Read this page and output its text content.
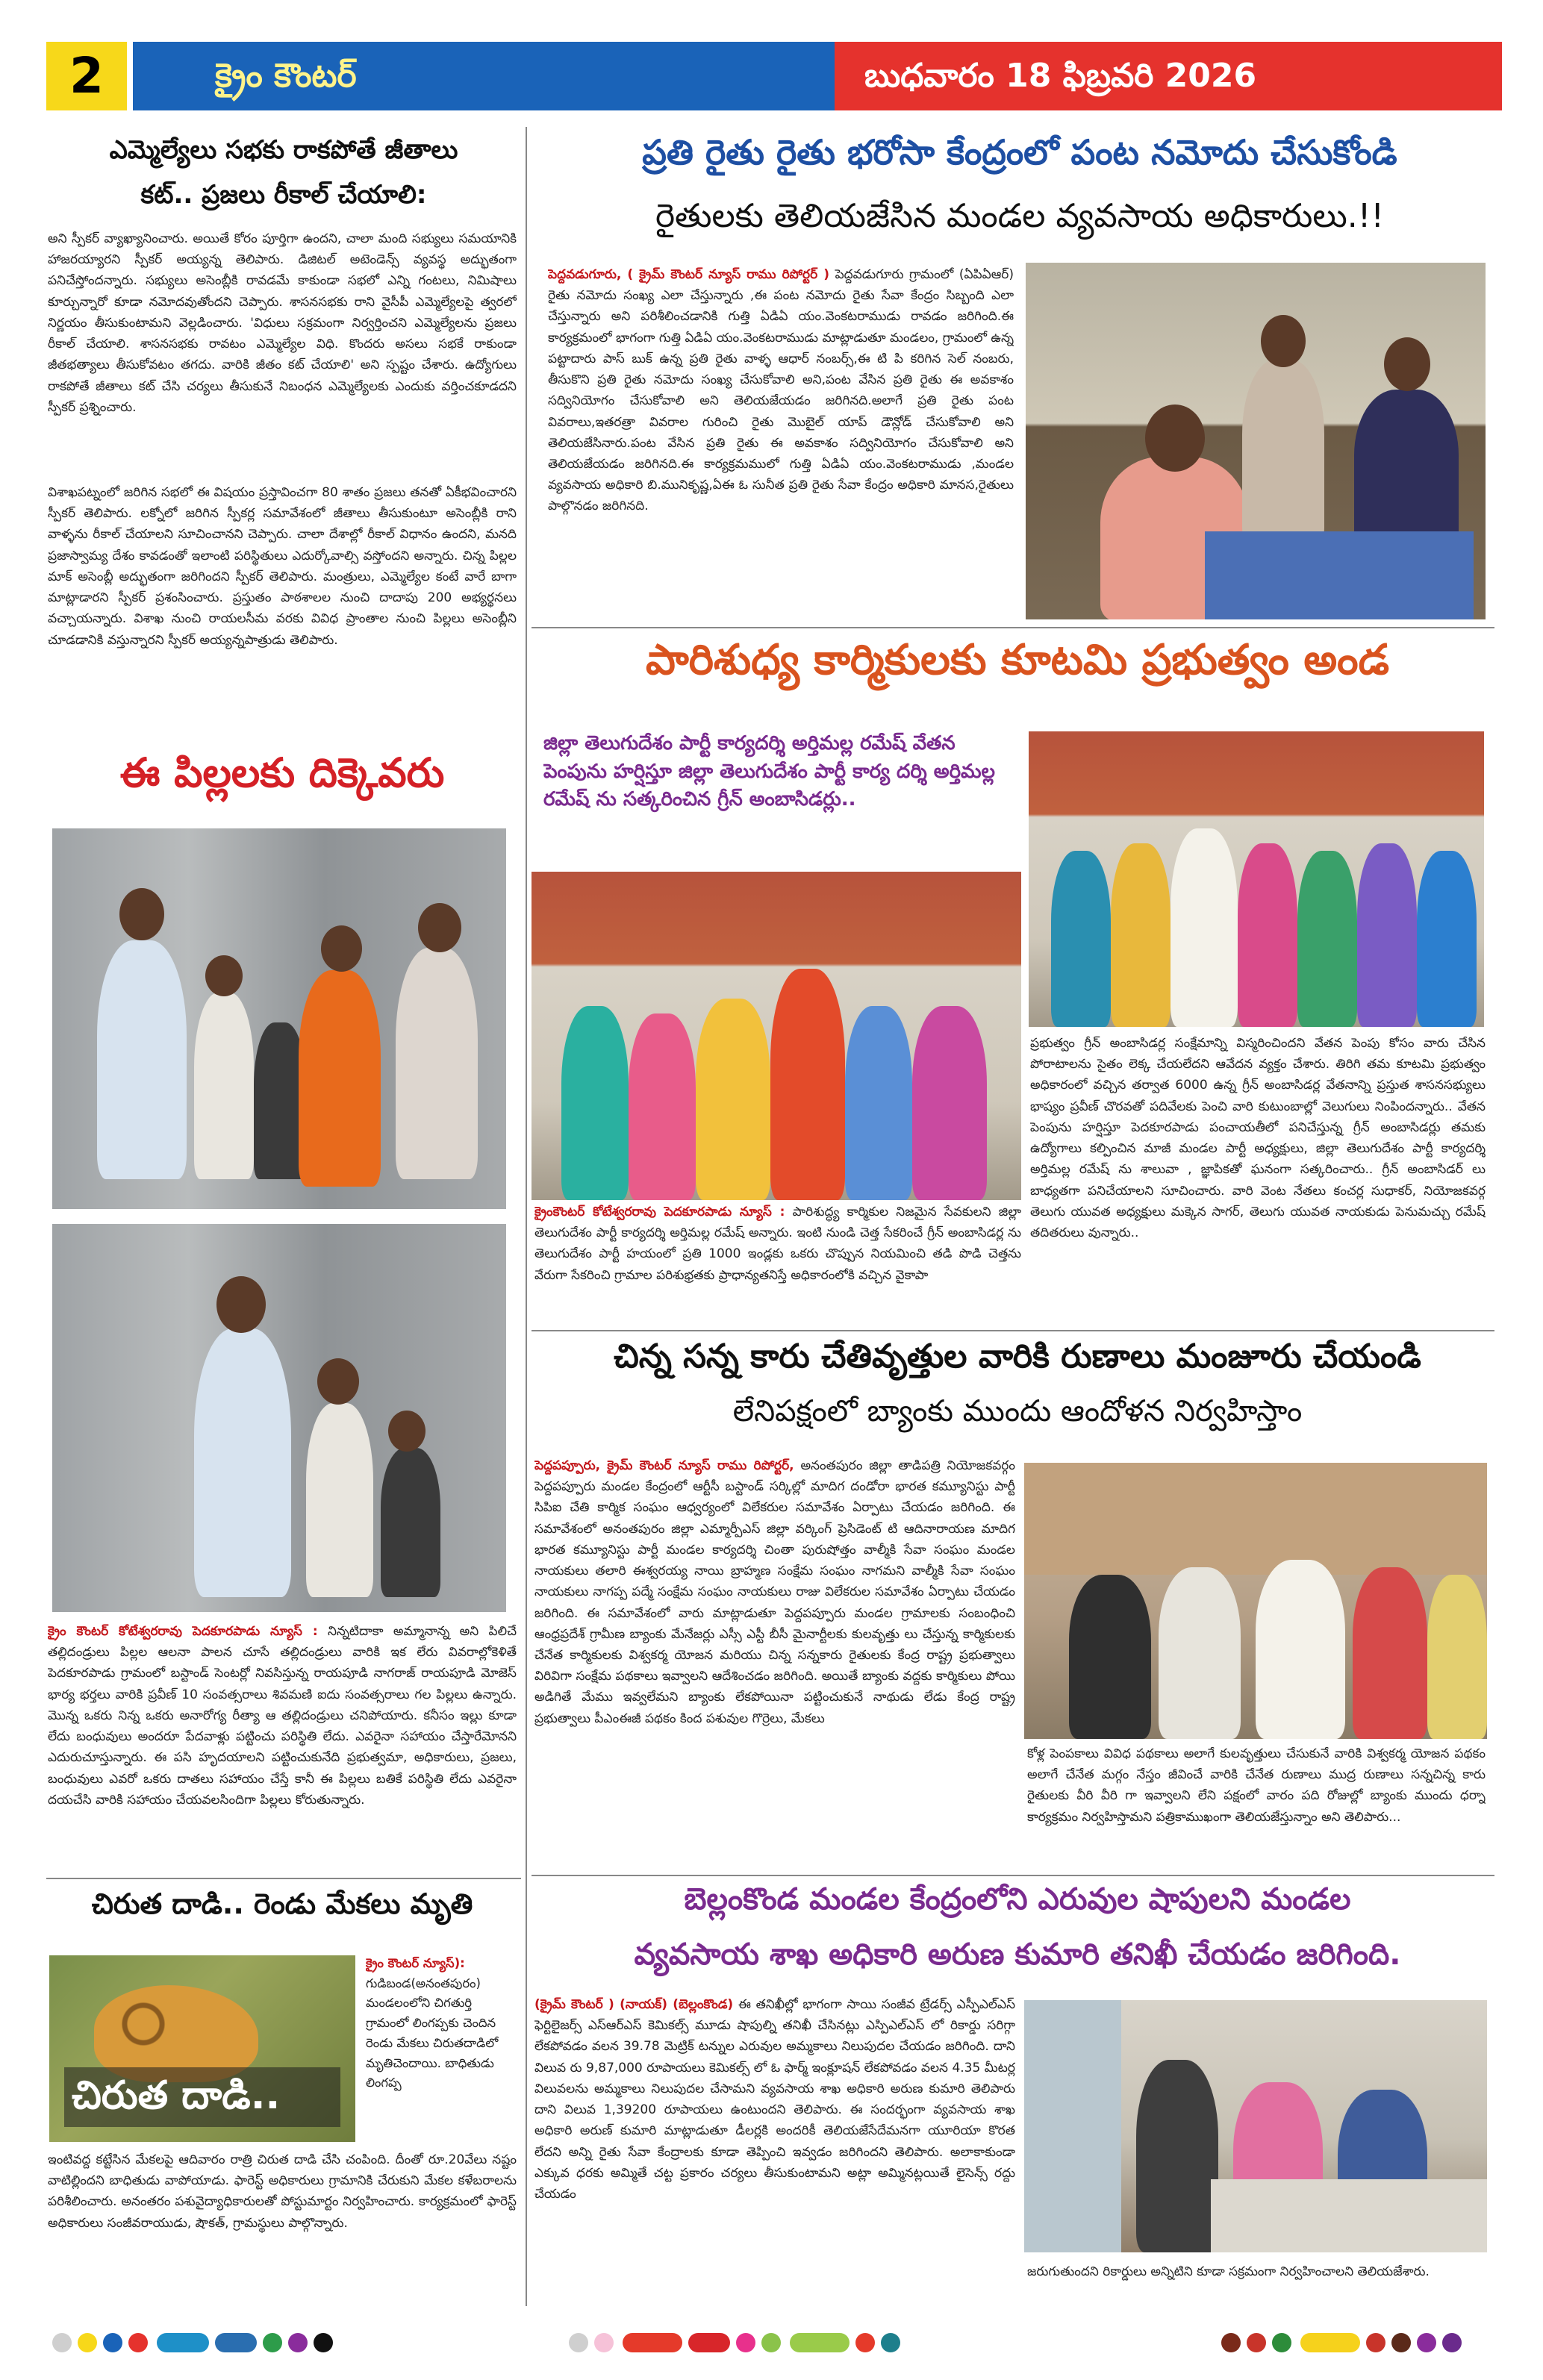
2	క్రైం కౌంటర్	బుధవారం 18 ఫిబ్రవరి 2026
ఎమ్మెల్యేలు సభకు రాకపోతే జీతాలు
కట్.. ప్రజలు రీకాల్ చేయాలి:
అని స్పీకర్ వ్యాఖ్యానించారు. అయితే కోరం పూర్తిగా ఉందని, చాలా మంది సభ్యులు సమయానికి హాజరయ్యారని స్పీకర్ అయ్యన్న తెలిపారు. డిజిటల్ అటెండెన్స్ వ్యవస్థ అద్భుతంగా పనిచేస్తోందన్నారు. సభ్యులు అసెంబ్లీకి రావడమే కాకుండా సభలో ఎన్ని గంటలు, నిమిషాలు కూర్చున్నారో కూడా నమోదవుతోందని చెప్పారు. శాసనసభకు రాని వైసీపీ ఎమ్మెల్యేలపై త్వరలో నిర్ణయం తీసుకుంటామని వెల్లడించారు. 'విధులు సక్రమంగా నిర్వర్తించని ఎమ్మెల్యేలను ప్రజలు రీకాల్ చేయాలి. శాసనసభకు రావటం ఎమ్మెల్యేల విధి. కొందరు అసలు సభకే రాకుండా జీతభత్యాలు తీసుకోవటం తగదు. వారికి జీతం కట్ చేయాలి' అని స్పష్టం చేశారు. ఉద్యోగులు రాకపోతే జీతాలు కట్ చేసి చర్యలు తీసుకునే నిబంధన ఎమ్మెల్యేలకు ఎందుకు వర్తించకూడదని స్పీకర్ ప్రశ్నించారు.
విశాఖపట్నంలో జరిగిన సభలో ఈ విషయం ప్రస్తావించగా 80 శాతం ప్రజలు తనతో ఏకీభవించారని స్పీకర్ తెలిపారు. లక్నోలో జరిగిన స్పీకర్ల సమావేశంలో జీతాలు తీసుకుంటూ అసెంబ్లీకి రాని వాళ్ళను రీకాల్ చేయాలని సూచించానని చెప్పారు. చాలా దేశాల్లో రీకాల్ విధానం ఉందని, మనది ప్రజాస్వామ్య దేశం కావడంతో ఇలాంటి పరిస్థితులు ఎదుర్కోవాల్సి వస్తోందని అన్నారు. చిన్న పిల్లల మాక్ అసెంబ్లీ అద్భుతంగా జరిగిందని స్పీకర్ తెలిపారు. మంత్రులు, ఎమ్మెల్యేల కంటే వారే బాగా మాట్లాడారని స్పీకర్ ప్రశంసించారు. ప్రస్తుతం పాఠశాలల నుంచి దాదాపు 200 అభ్యర్థనలు వచ్చాయన్నారు. విశాఖ నుంచి రాయలసీమ వరకు వివిధ ప్రాంతాల నుంచి పిల్లలు అసెంబ్లీని చూడడానికి వస్తున్నారని స్పీకర్ అయ్యన్నపాత్రుడు తెలిపారు.
ఈ పిల్లలకు దిక్కెవరు
క్రైం కౌంటర్ కోటేశ్వరరావు పెదకూరపాడు న్యూస్ : నిన్నటిదాకా అమ్మానాన్న అని పిలిచే తల్లిదండ్రులు పిల్లల ఆలనా పాలన చూసే తల్లిదండ్రులు వారికి ఇక లేరు వివరాల్లోకెళితే పెదకూరపాడు గ్రామంలో బస్టాండ్ సెంటర్లో నివసిస్తున్న రాయపూడి నాగరాజ్ రాయపూడి మోజెస్ భార్య భర్తలు వారికి ప్రవీణ్ 10 సంవత్సరాలు శివమణి ఐదు సంవత్సరాలు గల పిల్లలు ఉన్నారు. మొన్న ఒకరు నిన్న ఒకరు అనారోగ్య రీత్యా ఆ తల్లిదండ్రులు చనిపోయారు. కనీసం ఇల్లు కూడా లేదు బంధువులు అందరూ పేదవాళ్లు పట్టించు పరిస్థితి లేదు. ఎవరైనా సహాయం చేస్తారేమోనని ఎదురుచూస్తున్నారు. ఈ పసి హృదయాలని పట్టించుకునేది ప్రభుత్వమా, అధికారులు, ప్రజలు, బంధువులు ఎవరో ఒకరు దాతలు సహాయం చేస్తే కానీ ఈ పిల్లలు బతికే పరిస్థితి లేదు ఎవరైనా దయచేసి వారికి సహాయం చేయవలసిందిగా పిల్లలు కోరుతున్నారు.
చిరుత దాడి.. రెండు మేకలు మృతి
చిరుత దాడి..
క్రైం కౌంటర్ న్యూస్): గుడిబండ(అనంతపురం) మండలంలోని చిగతుర్తి గ్రామంలో లింగప్పకు చెందిన రెండు మేకలు చిరుతదాడిలో మృతిచెందాయి. బాధితుడు లింగప్ప
ఇంటివద్ద కట్టేసిన మేకలపై ఆదివారం రాత్రి చిరుత దాడి చేసి చంపింది. దీంతో రూ.20వేలు నష్టం వాటిల్లిందని బాధితుడు వాపోయాడు. ఫారెస్ట్ అధికారులు గ్రామానికి చేరుకుని మేకల కళేబరాలను పరిశీలించారు. అనంతరం పశువైద్యాధికారులతో పోస్టుమార్టం నిర్వహించారు. కార్యక్రమంలో ఫారెస్ట్ అధికారులు సంజీవరాయుడు, షౌకత్, గ్రామస్థులు పాల్గొన్నారు.
ప్రతి రైతు రైతు భరోసా కేంద్రంలో పంట నమోదు చేసుకోండి
రైతులకు తెలియజేసిన మండల వ్యవసాయ అధికారులు.!!
పెద్దవడుగూరు, ( క్రైమ్ కౌంటర్ న్యూస్ రాము రిపోర్టర్ ) పెద్దవడుగూరు గ్రామంలో (ఏపిఏఆర్) రైతు నమోదు సంఖ్య ఎలా చేస్తున్నారు ,ఈ పంట నమోదు రైతు సేవా కేంద్రం సిబ్బంది ఎలా చేస్తున్నారు అని పరిశీలించడానికి గుత్తి ఏడిఏ యం.వెంకటరాముడు రావడం జరిగింది.ఈ కార్యక్రమంలో భాగంగా గుత్తి ఏడిఏ యం.వెంకటరాముడు మాట్లాడుతూ మండలం, గ్రామంలో ఉన్న పట్టాదారు పాస్ బుక్ ఉన్న ప్రతి రైతు వాళ్ళ ఆధార్ నంబర్స్,ఈ టి పి కరిగిన సెల్ నంబరు, తీసుకొని ప్రతి రైతు నమోదు సంఖ్య చేసుకోవాలి అని,పంట వేసిన ప్రతి రైతు ఈ అవకాశం సద్వినియోగం చేసుకోవాలి అని తెలియజేయడం జరిగినది.అలాగే ప్రతి రైతు పంట వివరాలు,ఇతరత్రా వివరాల గురించి రైతు మొబైల్ యాప్ డౌన్లోడ్ చేసుకోవాలి అని తెలియజేసినారు.పంట వేసిన ప్రతి రైతు ఈ అవకాశం సద్వినియోగం చేసుకోవాలి అని తెలియజేయడం జరిగినది.ఈ కార్యక్రమములో గుత్తి ఏడిఏ యం.వెంకటరాముడు ,మండల వ్యవసాయ అధికారి బి.మునికృష్ణ,ఏఈ ఓ సునీత ప్రతి రైతు సేవా కేంద్రం అధికారి మానస,రైతులు పాల్గొనడం జరిగినది.
పారిశుధ్య కార్మికులకు కూటమి ప్రభుత్వం అండ
జిల్లా తెలుగుదేశం పార్టీ కార్యదర్శి అర్తిమల్ల రమేష్ వేతన పెంపును హర్షిస్తూ జిల్లా తెలుగుదేశం పార్టీ కార్య దర్శి అర్తిమల్ల రమేష్ ను సత్కరించిన గ్రీన్ అంబాసిడర్లు..
క్రైంకౌంటర్ కోటేశ్వరరావు పెదకూరపాడు న్యూస్ : పారిశుద్ధ్య కార్మికుల నిజమైన సేవకులని జిల్లా తెలుగుదేశం పార్టీ కార్యదర్శి అర్తిమల్ల రమేష్ అన్నారు. ఇంటి నుండి చెత్త సేకరించే గ్రీన్ అంబాసిడర్ల ను తెలుగుదేశం పార్టీ హయంలో ప్రతి 1000 ఇండ్లకు ఒకరు చొప్పున నియమించి తడి పొడి చెత్తను వేరుగా సేకరించి గ్రామాల పరిశుభ్రతకు ప్రాధాన్యతనిస్తే అధికారంలోకి వచ్చిన వైకాపా
ప్రభుత్వం గ్రీన్ అంబాసిడర్ల సంక్షేమాన్ని విస్మరించిందని వేతన పెంపు కోసం వారు చేసిన పోరాటాలను సైతం లెక్క చేయలేదని ఆవేదన వ్యక్తం చేశారు. తిరిగి తమ కూటమి ప్రభుత్వం అధికారంలో వచ్చిన తర్వాత 6000 ఉన్న గ్రీన్ అంబాసిడర్ల వేతనాన్ని ప్రస్తుత శాసనసభ్యులు భాష్యం ప్రవీణ్ చొరవతో పదివేలకు పెంచి వారి కుటుంబాల్లో వెలుగులు నింపిందన్నారు.. వేతన పెంపును హర్షిస్తూ పెదకూరపాడు పంచాయతీలో పనిచేస్తున్న గ్రీన్ అంబాసిడర్లు తమకు ఉద్యోగాలు కల్పించిన మాజీ మండల పార్టీ అధ్యక్షులు, జిల్లా తెలుగుదేశం పార్టీ కార్యదర్శి అర్తిమల్ల రమేష్ ను శాలువా , జ్ఞాపికతో ఘనంగా సత్కరించారు.. గ్రీన్ అంబాసిడర్ లు బాధ్యతగా పనిచేయాలని సూచించారు. వారి వెంట నేతలు కంచర్ల సుధాకర్, నియోజకవర్గ తెలుగు యువత అధ్యక్షులు మక్కెన సాగర్, తెలుగు యువత నాయకుడు పెనుమచ్చు రమేష్ తదితరులు వున్నారు..
చిన్న సన్న కారు చేతివృత్తుల వారికి రుణాలు మంజూరు చేయండి
లేనిపక్షంలో బ్యాంకు ముందు ఆందోళన నిర్వహిస్తాం
పెద్దపప్పూరు, క్రైమ్ కౌంటర్ న్యూస్ రాము రిపోర్టర్, అనంతపురం జిల్లా తాడిపత్రి నియోజకవర్గం పెద్దపప్పూరు మండల కేంద్రంలో ఆర్టీసీ బస్టాండ్ సర్కిల్లో మాదిగ దండోరా భారత కమ్యూనిస్టు పార్టీ సిపిఐ చేతి కార్మిక సంఘం ఆధ్వర్యంలో విలేకరుల సమావేశం ఏర్పాటు చేయడం జరిగింది. ఈ సమావేశంలో అనంతపురం జిల్లా ఎమ్మార్పీఎస్ జిల్లా వర్కింగ్ ప్రెసిడెంట్ టి ఆదినారాయణ మాదిగ భారత కమ్యూనిస్టు పార్టీ మండల కార్యదర్శి చింతా పురుషోత్తం వాల్మీకి సేవా సంఘం మండల నాయకులు తలారి ఈశ్వరయ్య నాయి బ్రాహ్మణ సంక్షేమ సంఘం నాగమని వాల్మీకి సేవా సంఘం నాయకులు నాగప్ప పద్మే సంక్షేమ సంఘం నాయకులు రాజు విలేకరుల సమావేశం ఏర్పాటు చేయడం జరిగింది. ఈ సమావేశంలో వారు మాట్లాడుతూ పెద్దపప్పూరు మండల గ్రామాలకు సంబంధించి ఆంధ్రప్రదేశ్ గ్రామీణ బ్యాంకు మేనేజర్లు ఎస్సీ ఎస్టీ బీసీ మైనార్టీలకు కులవృత్తు లు చేస్తున్న కార్మికులకు చేనేత కార్మికులకు విశ్వకర్మ యోజన మరియు చిన్న సన్నకారు రైతులకు కేంద్ర రాష్ట్ర ప్రభుత్వాలు విరివిగా సంక్షేమ పథకాలు ఇవ్వాలని ఆదేశించడం జరిగింది. అయితే బ్యాంకు వద్దకు కార్మికులు పోయి అడిగితే మేము ఇవ్వలేమని బ్యాంకు లేకపోయినా పట్టించుకునే నాథుడు లేడు కేంద్ర రాష్ట్ర ప్రభుత్వాలు పీఎంఈజీ పథకం కింద పశువుల గొర్రెలు, మేకలు
కోళ్ల పెంపకాలు వివిధ పథకాలు అలాగే కులవృత్తులు చేసుకునే వారికి విశ్వకర్మ యోజన పథకం అలాగే చేనేత మగ్గం నేస్తం జీవించే వారికి చేనేత రుణాలు ముద్ర రుణాలు సన్నచిన్న కారు రైతులకు వీరి వీరి గా ఇవ్వాలని లేని పక్షంలో వారం పది రోజుల్లో బ్యాంకు ముందు ధర్నా కార్యక్రమం నిర్వహిస్తామని పత్రికాముఖంగా తెలియజేస్తున్నాం అని తెలిపారు...
బెల్లంకొండ మండల కేంద్రంలోని ఎరువుల షాపులని మండల
వ్యవసాయ శాఖ అధికారి అరుణ కుమారి తనిఖీ చేయడం జరిగింది.
(క్రైమ్ కౌంటర్ ) (నాయక్) (బెల్లంకొండ) ఈ తనిఖీల్లో భాగంగా సాయి సంజీవ ట్రేడర్స్ ఎస్పీఎల్ఎస్ ఫెర్టిలైజర్స్ ఎస్ఆర్ఎస్ కెమికల్స్ మూడు షాపుల్ని తనిఖీ చేసినట్లు ఎస్పిఎల్ఎస్ లో రికార్డు సరిగ్గా లేకపోవడం వలన 39.78 మెట్రిక్ టన్నుల ఎరువుల అమ్మకాలు నిలుపుదల చేయడం జరిగింది. దాని విలువ రు 9,87,000 రూపాయలు కెమికల్స్ లో ఓ ఫార్మ్ ఇంక్లూషన్ లేకపోవడం వలన 4.35 మీటర్ల విలువలను అమ్మకాలు నిలుపుదల చేసామని వ్యవసాయ శాఖ అధికారి అరుణ కుమారి తెలిపారు దాని విలువ 1,39200 రూపాయలు ఉంటుందని తెలిపారు. ఈ సందర్భంగా వ్యవసాయ శాఖ అధికారి అరుణ్ కుమారి మాట్లాడుతూ డీలర్లకి అందరికీ తెలియజేసేదేమనగా యూరియా కొరత లేదని అన్ని రైతు సేవా కేంద్రాలకు కూడా తెప్పించి ఇవ్వడం జరిగిందని తెలిపారు. అలాకాకుండా ఎక్కువ ధరకు అమ్మితే చట్ట ప్రకారం చర్యలు తీసుకుంటామని అట్లా అమ్మినట్లయితే లైసెన్స్ రద్దు చేయడం
జరుగుతుందని రికార్డులు అన్నిటిని కూడా సక్రమంగా నిర్వహించాలని తెలియజేశారు.
